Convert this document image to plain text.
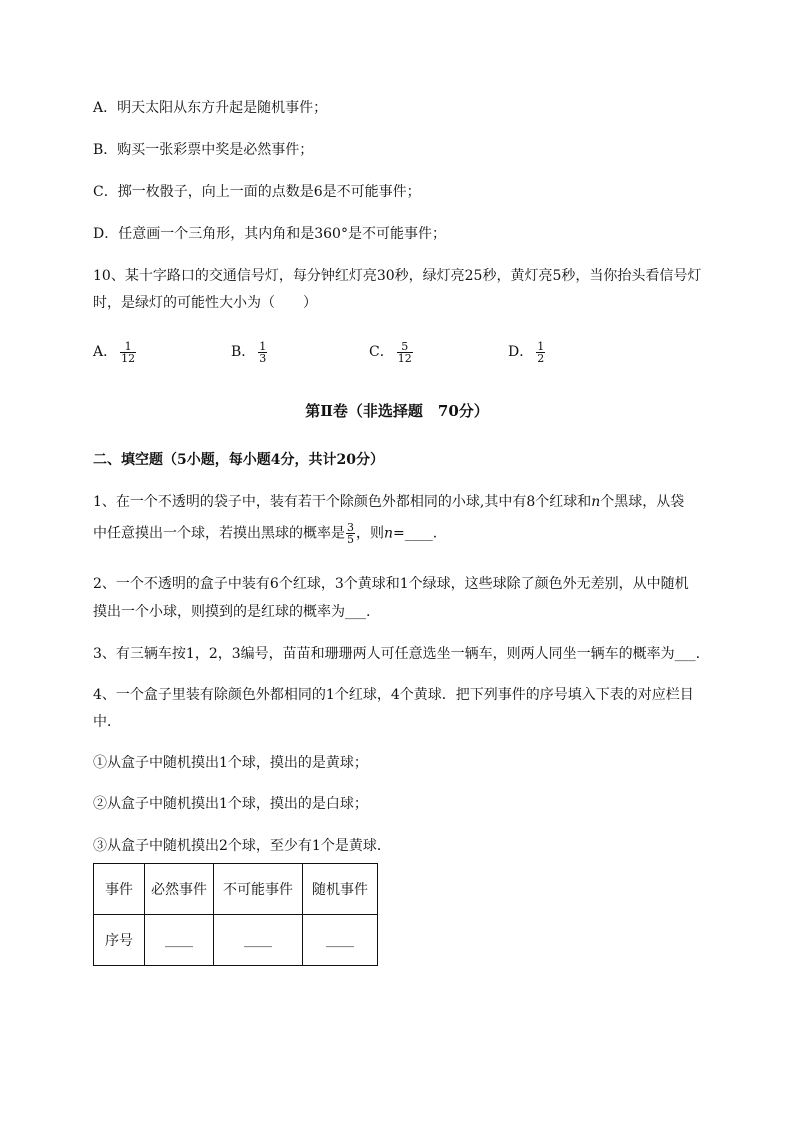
A．明天太阳从东方升起是随机事件；
B．购买一张彩票中奖是必然事件；
C．掷一枚骰子，向上一面的点数是6是不可能事件；
D．任意画一个三角形，其内角和是360°是不可能事件；
10、某十字路口的交通信号灯，每分钟红灯亮30秒，绿灯亮25秒，黄灯亮5秒，当你抬头看信号灯
时，是绿灯的可能性大小为（　　）
A． $\frac{1}{12}$	B． $\frac{1}{3}$	C． $\frac{5}{12}$	D． $\frac{1}{2}$
第Ⅱ卷（非选择题　70分）
二、填空题（5小题，每小题4分，共计20分）
1、在一个不透明的袋子中，装有若干个除颜色外都相同的小球,其中有8个红球和n个黑球，从袋
中任意摸出一个球，若摸出黑球的概率是 $\frac{3}{5}$ ，则n=____.
2、一个不透明的盒子中装有6个红球，3个黄球和1个绿球，这些球除了颜色外无差别，从中随机
摸出一个小球，则摸到的是红球的概率为___.
3、有三辆车按1，2，3编号，苗苗和珊珊两人可任意选坐一辆车，则两人同坐一辆车的概率为___.
4、一个盒子里装有除颜色外都相同的1个红球，4个黄球．把下列事件的序号填入下表的对应栏目
中．
①从盒子中随机摸出1个球，摸出的是黄球；
②从盒子中随机摸出1个球，摸出的是白球；
③从盒子中随机摸出2个球，至少有1个是黄球．
事件	必然事件	不可能事件	随机事件
序号	____	____	____
